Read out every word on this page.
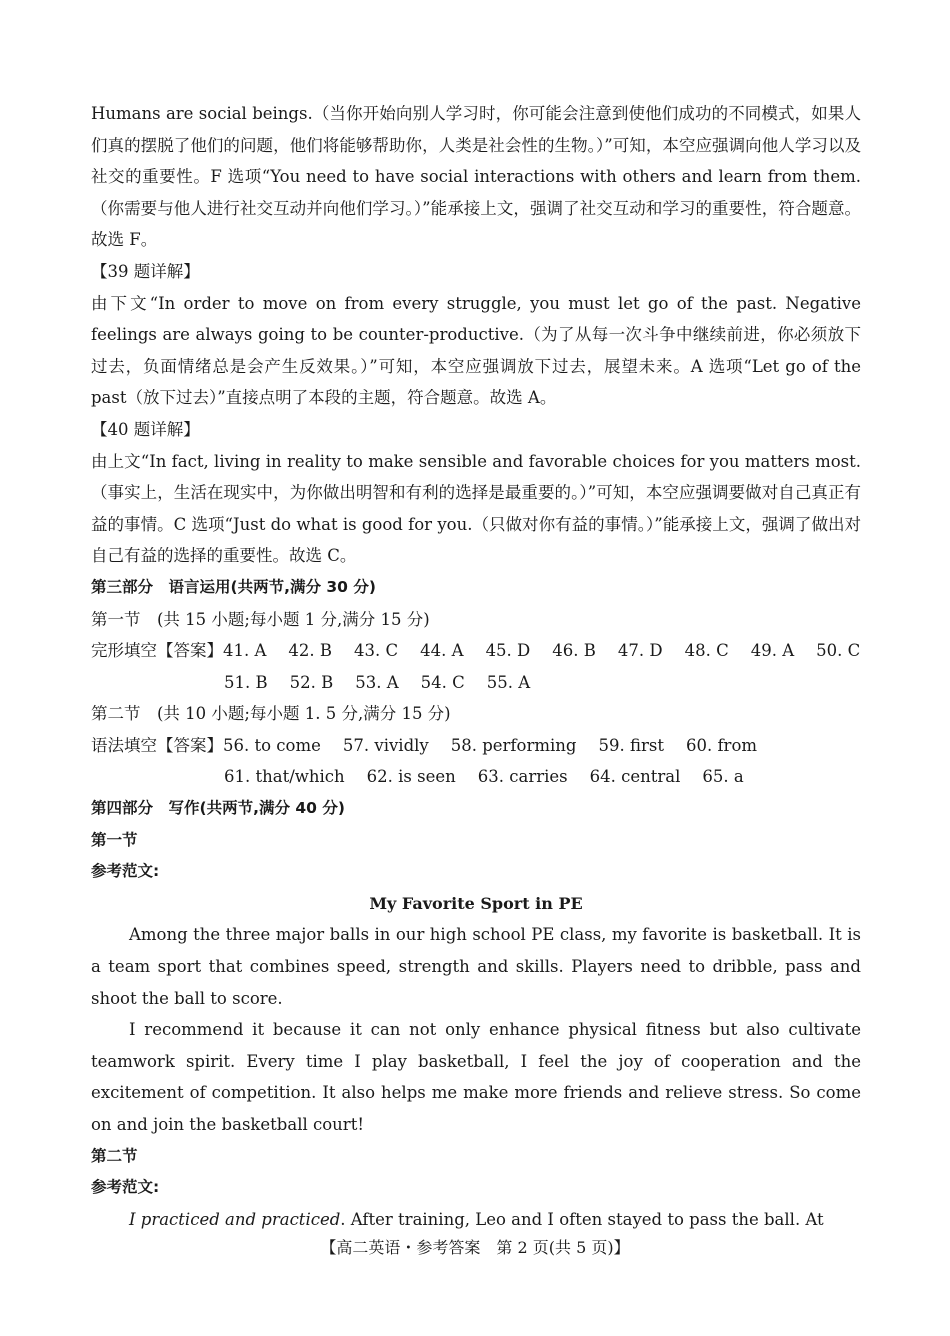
Humans are social beings.（当你开始向别人学习时，你可能会注意到使他们成功的不同模式，如果人们真的摆脱了他们的问题，他们将能够帮助你，人类是社会性的生物。）”可知，本空应强调向他人学习以及社交的重要性。F 选项“You need to have social interactions with others and learn from them.（你需要与他人进行社交互动并向他们学习。）”能承接上文，强调了社交互动和学习的重要性，符合题意。故选 F。

【39 题详解】

由下文“In order to move on from every struggle, you must let go of the past. Negative feelings are always going to be counter-productive.（为了从每一次斗争中继续前进，你必须放下过去，负面情绪总是会产生反效果。）”可知，本空应强调放下过去，展望未来。A 选项“Let go of the past（放下过去）”直接点明了本段的主题，符合题意。故选 A。

【40 题详解】

由上文“In fact, living in reality to make sensible and favorable choices for you matters most.（事实上，生活在现实中，为你做出明智和有利的选择是最重要的。）”可知，本空应强调要做对自己真正有益的事情。C 选项“Just do what is good for you.（只做对你有益的事情。）”能承接上文，强调了做出对自己有益的选择的重要性。故选 C。

第三部分　语言运用(共两节,满分 30 分)

第一节　(共 15 小题;每小题 1 分,满分 15 分)

完形填空【答案】41. A 42. B 43. C 44. A 45. D 46. B 47. D 48. C 49. A 50. C

51. B 52. B 53. A 54. C 55. A

第二节　(共 10 小题;每小题 1. 5 分,满分 15 分)

语法填空【答案】56. to come 57. vividly 58. performing 59. first 60. from

61. that/which 62. is seen 63. carries 64. central 65. a

第四部分　写作(共两节,满分 40 分)

第一节

参考范文:

My Favorite Sport in PE

Among the three major balls in our high school PE class, my favorite is basketball. It is a team sport that combines speed, strength and skills. Players need to dribble, pass and shoot the ball to score.

I recommend it because it can not only enhance physical fitness but also cultivate teamwork spirit. Every time I play basketball, I feel the joy of cooperation and the excitement of competition. It also helps me make more friends and relieve stress. So come on and join the basketball court!

第二节

参考范文:

I practiced and practiced. After training, Leo and I often stayed to pass the ball. At

【高二英语・参考答案　第 2 页(共 5 页)】
